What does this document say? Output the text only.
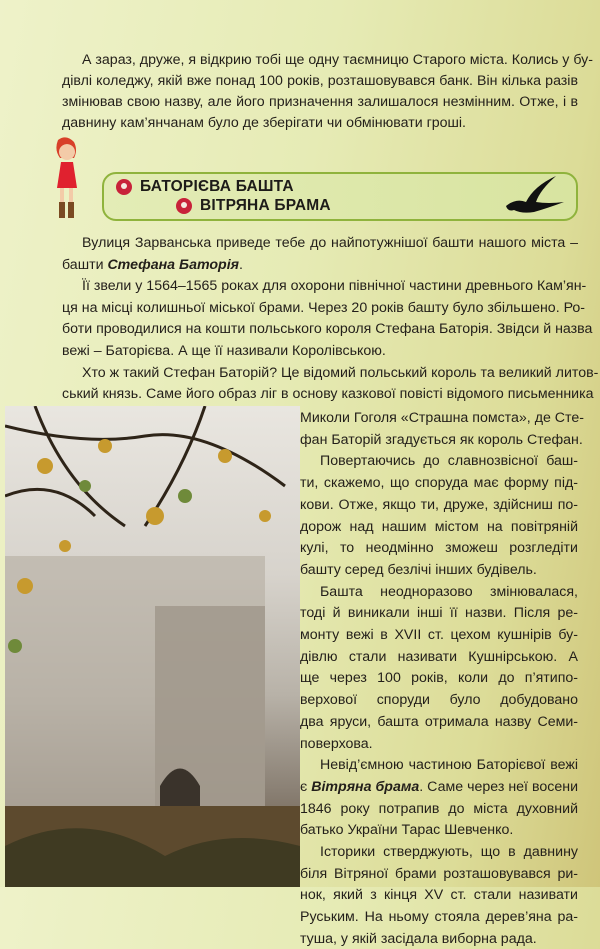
А зараз, друже, я відкрию тобі ще одну таємницю Старого міста. Колись у бу-
дівлі коледжу, якій вже понад 100 років, розташовувався банк. Він кілька разів
змінював свою назву, але його призначення залишалося незмінним. Отже, і в
давнину кам’янчанам було де зберігати чи обмінювати гроші.
БАТОРІЄВА БАШТА
ВІТРЯНА БРАМА
Вулиця Зарванська приведе тебе до найпотужнішої башти нашого міста –
башти Стефана Баторія.
Її звели у 1564–1565 роках для охорони північної частини древнього Кам’ян-
ця на місці колишньої міської брами. Через 20 років башту було збільшено. Ро-
боти проводилися на кошти польського короля Стефана Баторія. Звідси й назва
вежі – Баторієва. А ще її називали Королівською.
Хто ж такий Стефан Баторій? Це відомий польський король та великий литов-
ський князь. Саме його образ ліг в основу казкової повісті відомого письменника
Миколи Гоголя «Страшна помста», де Сте-
фан Баторій згадується як король Стефан.
Повертаючись до славнозвісної баш-
ти, скажемо, що споруда має форму під-
кови. Отже, якщо ти, друже, здійсниш по-
дорож над нашим містом на повітряній
кулі, то неодмінно зможеш розгледіти
башту серед безлічі інших будівель.
Башта неодноразово змінювалася,
тоді й виникали інші її назви. Після ре-
монту вежі в XVII ст. цехом кушнірів бу-
дівлю стали називати Кушнірською. А
ще через 100 років, коли до п’ятипо-
верхової споруди було добудовано
два яруси, башта отримала назву Семи-
поверхова.
Невід’ємною частиною Баторієвої вежі
є Вітряна брама. Саме через неї восени
1846 року потрапив до міста духовний
батько України Тарас Шевченко.
Історики стверджують, що в давнину
біля Вітряної брами розташовувався ри-
нок, який з кінця XV ст. стали називати
Руським. На ньому стояла дерев’яна ра-
туша, у якій засідала виборна рада.
